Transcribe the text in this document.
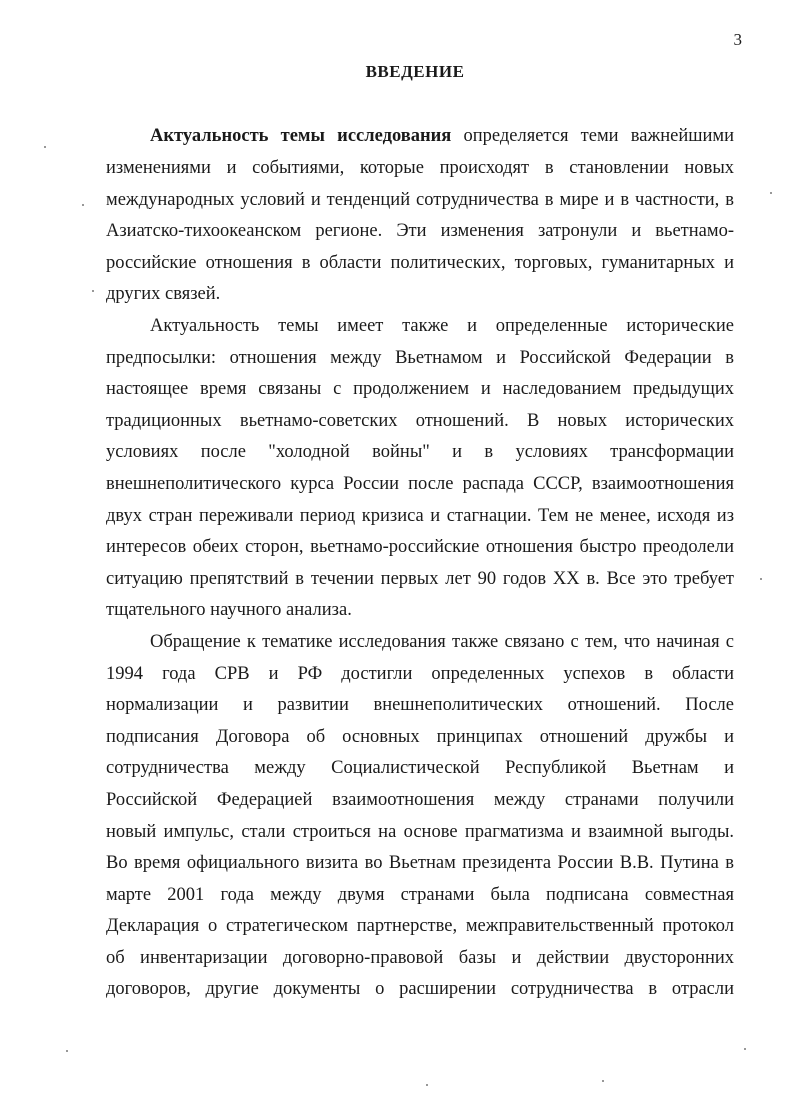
3
ВВЕДЕНИЕ
Актуальность темы исследования определяется теми важнейшими
изменениями и событиями, которые происходят в становлении новых
международных условий и тенденций сотрудничества в мире и в частности, в
Азиатско-тихоокеанском регионе. Эти изменения затронули и вьетнамо-
российские отношения в области политических, торговых, гуманитарных и
других связей.
Актуальность темы имеет также и определенные исторические
предпосылки: отношения между Вьетнамом и Российской Федерации в
настоящее время связаны с продолжением и наследованием предыдущих
традиционных вьетнамо-советских отношений. В новых исторических
условиях после "холодной войны" и в условиях трансформации
внешнеполитического курса России после распада СССР, взаимоотношения
двух стран переживали период кризиса и стагнации. Тем не менее, исходя из
интересов обеих сторон, вьетнамо-российские отношения быстро преодолели
ситуацию препятствий в течении первых лет 90 годов XX в. Все это требует
тщательного научного анализа.
Обращение к тематике исследования также связано с тем, что начиная с
1994 года СРВ и РФ достигли определенных успехов в области
нормализации и развитии внешнеполитических отношений. После
подписания Договора об основных принципах отношений дружбы и
сотрудничества между Социалистической Республикой Вьетнам и
Российской Федерацией взаимоотношения между странами получили
новый импульс, стали строиться на основе прагматизма и взаимной выгоды.
Во время официального визита во Вьетнам президента России В.В. Путина в
марте 2001 года между двумя странами была подписана совместная
Декларация о стратегическом партнерстве, межправительственный протокол
об инвентаризации договорно-правовой базы и действии двусторонних
договоров, другие документы о расширении сотрудничества в отрасли
